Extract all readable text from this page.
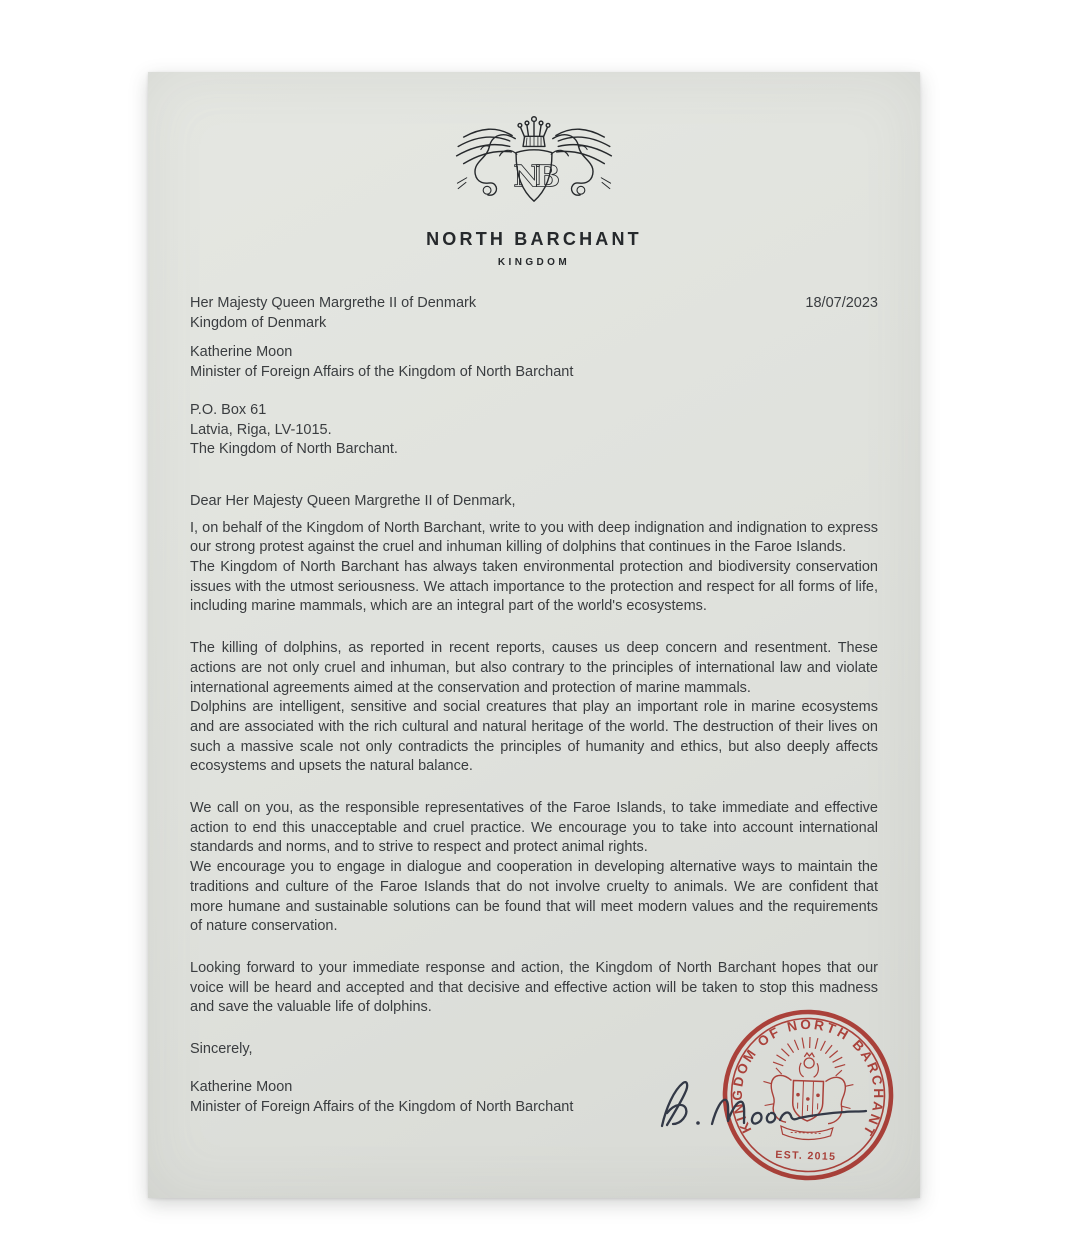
NB
NORTH BARCHANT
KINGDOM

Her Majesty Queen Margrethe II of Denmark

Kingdom of Denmark

18/07/2023

Katherine Moon

Minister of Foreign Affairs of the Kingdom of North Barchant

P.O. Box 61

Latvia, Riga, LV-1015.

The Kingdom of North Barchant.

Dear Her Majesty Queen Margrethe II of Denmark,

I, on behalf of the Kingdom of North Barchant, write to you with deep indignation and indignation to express our strong protest against the cruel and inhuman killing of dolphins that continues in the Faroe Islands.

The Kingdom of North Barchant has always taken environmental protection and biodiversity conservation issues with the utmost seriousness. We attach importance to the protection and respect for all forms of life, including marine mammals, which are an integral part of the world's ecosystems.

The killing of dolphins, as reported in recent reports, causes us deep concern and resentment. These actions are not only cruel and inhuman, but also contrary to the principles of international law and violate international agreements aimed at the conservation and protection of marine mammals.

Dolphins are intelligent, sensitive and social creatures that play an important role in marine ecosystems and are associated with the rich cultural and natural heritage of the world. The destruction of their lives on such a massive scale not only contradicts the principles of humanity and ethics, but also deeply affects ecosystems and upsets the natural balance.

We call on you, as the responsible representatives of the Faroe Islands, to take immediate and effective action to end this unacceptable and cruel practice. We encourage you to take into account international standards and norms, and to strive to respect and protect animal rights.

We encourage you to engage in dialogue and cooperation in developing alternative ways to maintain the traditions and culture of the Faroe Islands that do not involve cruelty to animals. We are confident that more humane and sustainable solutions can be found that will meet modern values and the requirements of nature conservation.

Looking forward to your immediate response and action, the Kingdom of North Barchant hopes that our voice will be heard and accepted and that decisive and effective action will be taken to stop this madness and save the valuable life of dolphins.

Sincerely,

Katherine Moon

Minister of Foreign Affairs of the Kingdom of North Barchant

KINGDOM OF NORTH BARCHANT
EST. 2015
